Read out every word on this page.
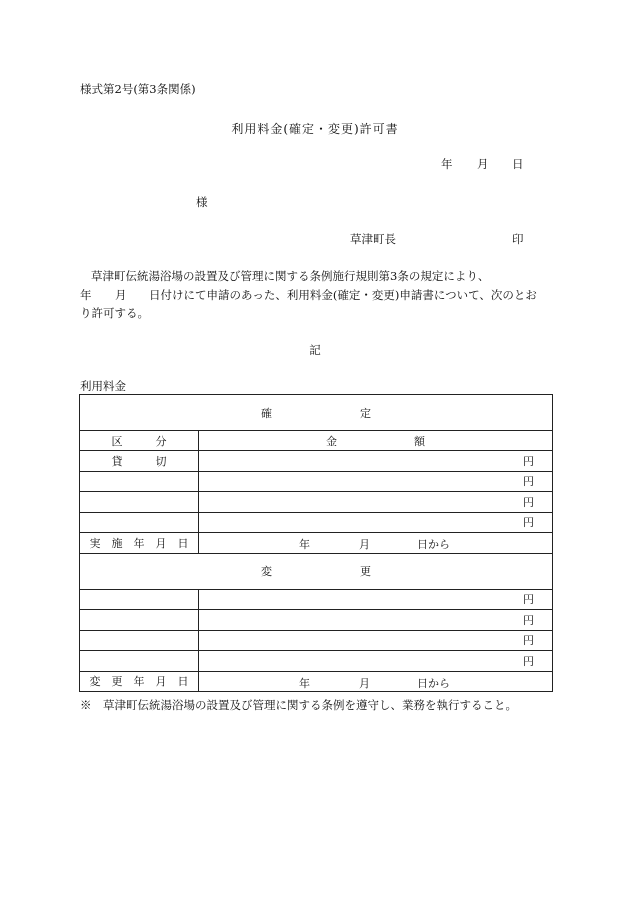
様式第2号(第3条関係)
利用料金(確定・変更)許可書
年 月 日
様
草津町長	印
草津町伝統湯浴場の設置及び管理に関する条例施行規則第3条の規定により、
年 月 日付けにて申請のあった、利用料金(確定・変更)申請書について、次のとお
り許可する。
記
利用料金
確　　　　　　　　定	
区　　　分	金　　　　　　　額
貸　　　切	円
	円
	円
	円
実　施　年　月　日	年 月 日から

変　　　　　　　　更	
	円
	円
	円
	円
変　更　年　月　日	年 月 日から
※　草津町伝統湯浴場の設置及び管理に関する条例を遵守し、業務を執行すること。
